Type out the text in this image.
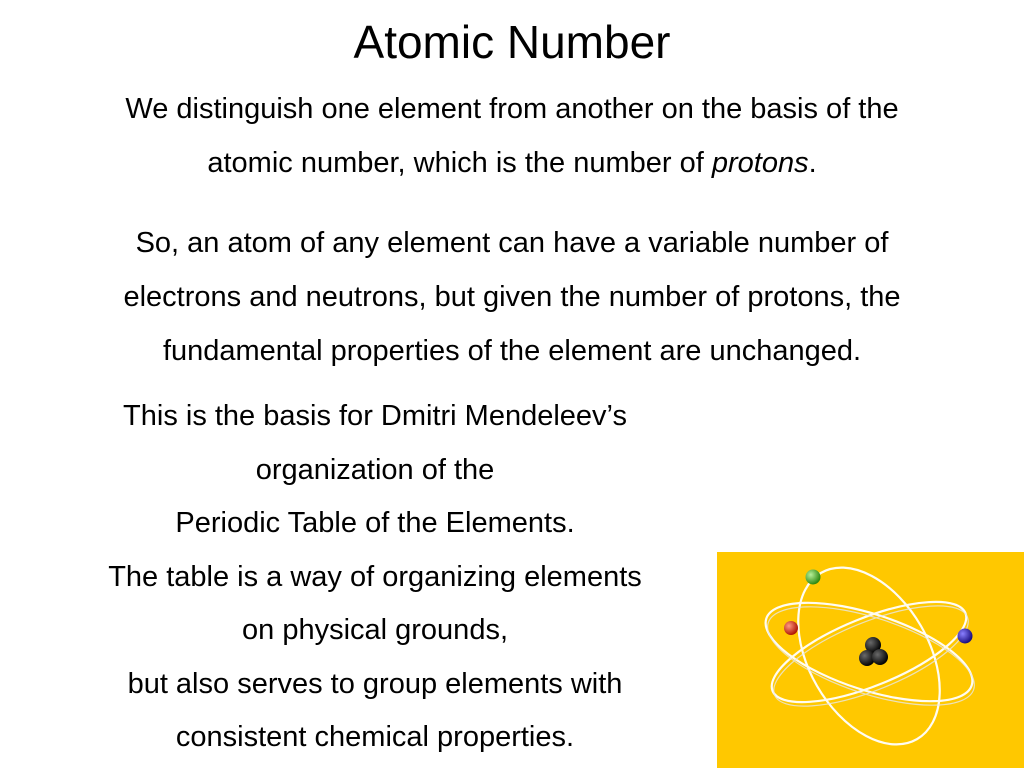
Atomic Number
We distinguish one element from another on the basis of the
atomic number, which is the number of protons.
So, an atom of any element can have a variable number of
electrons and neutrons, but given the number of protons, the
fundamental properties of the element are unchanged.
This is the basis for Dmitri Mendeleev’s
organization of the
Periodic Table of the Elements.
The table is a way of organizing elements
on physical grounds,
but also serves to group elements with
consistent chemical properties.
